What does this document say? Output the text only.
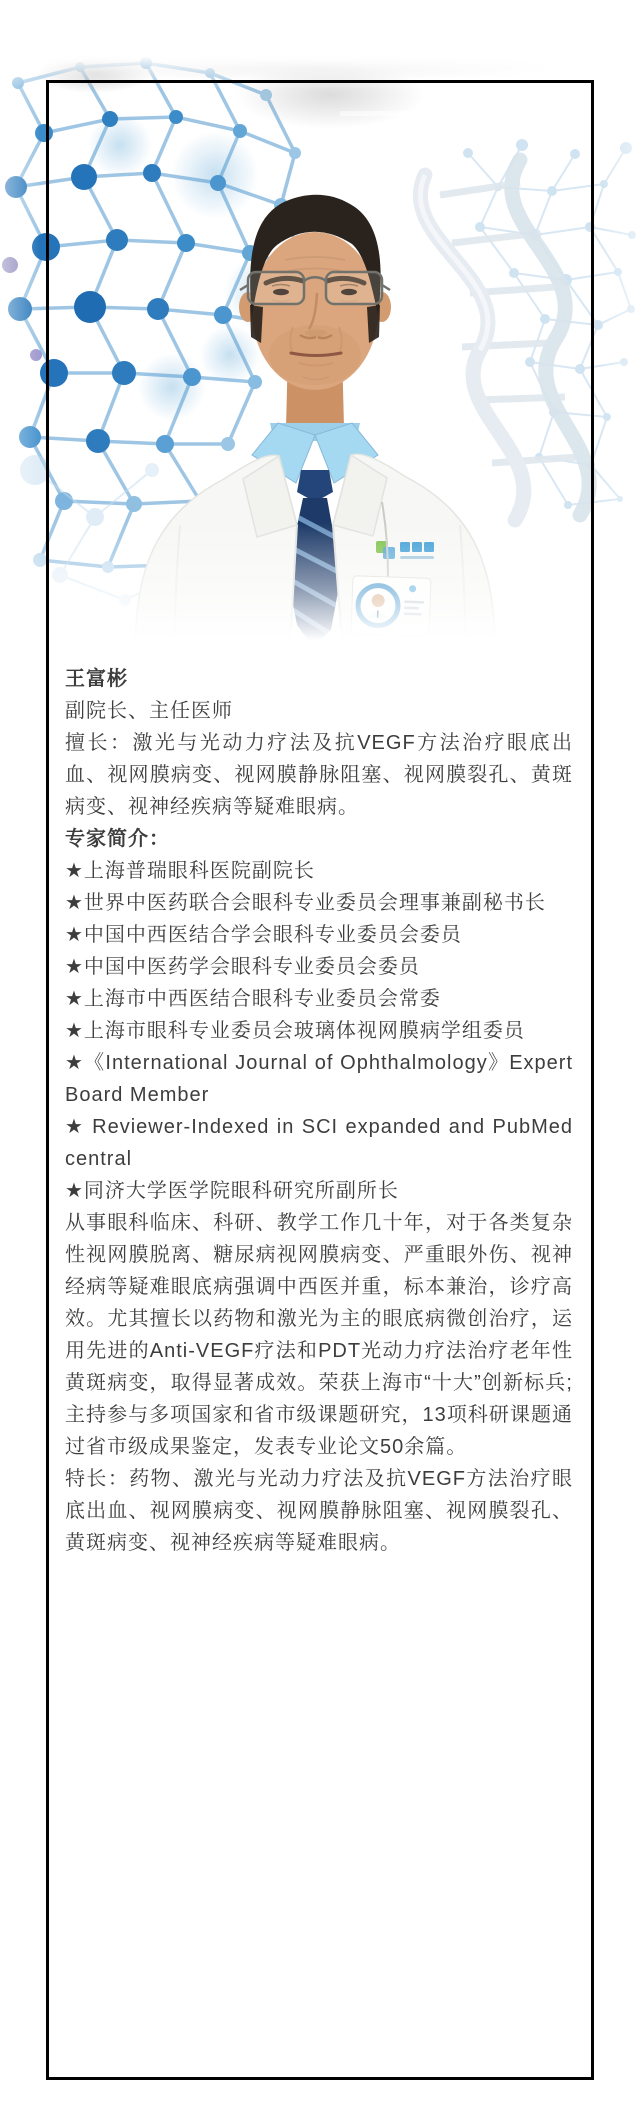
王富彬

副院长、主任医师

擅长：激光与光动力疗法及抗VEGF方法治疗眼底出血、视网膜病变、视网膜静脉阻塞、视网膜裂孔、黄斑病变、视神经疾病等疑难眼病。

专家简介：

★上海普瑞眼科医院副院长

★世界中医药联合会眼科专业委员会理事兼副秘书长

★中国中西医结合学会眼科专业委员会委员

★中国中医药学会眼科专业委员会委员

★上海市中西医结合眼科专业委员会常委

★上海市眼科专业委员会玻璃体视网膜病学组委员

★《International Journal of Ophthalmology》Expert Board Member

★ Reviewer-Indexed in SCI expanded and PubMed central

★同济大学医学院眼科研究所副所长

从事眼科临床、科研、教学工作几十年，对于各类复杂性视网膜脱离、糖尿病视网膜病变、严重眼外伤、视神经病等疑难眼底病强调中西医并重，标本兼治，诊疗高效。尤其擅长以药物和激光为主的眼底病微创治疗，运用先进的Anti-VEGF疗法和PDT光动力疗法治疗老年性黄斑病变，取得显著成效。荣获上海市“十大”创新标兵;主持参与多项国家和省市级课题研究，13项科研课题通过省市级成果鉴定，发表专业论文50余篇。

特长：药物、激光与光动力疗法及抗VEGF方法治疗眼底出血、视网膜病变、视网膜静脉阻塞、视网膜裂孔、黄斑病变、视神经疾病等疑难眼病。
